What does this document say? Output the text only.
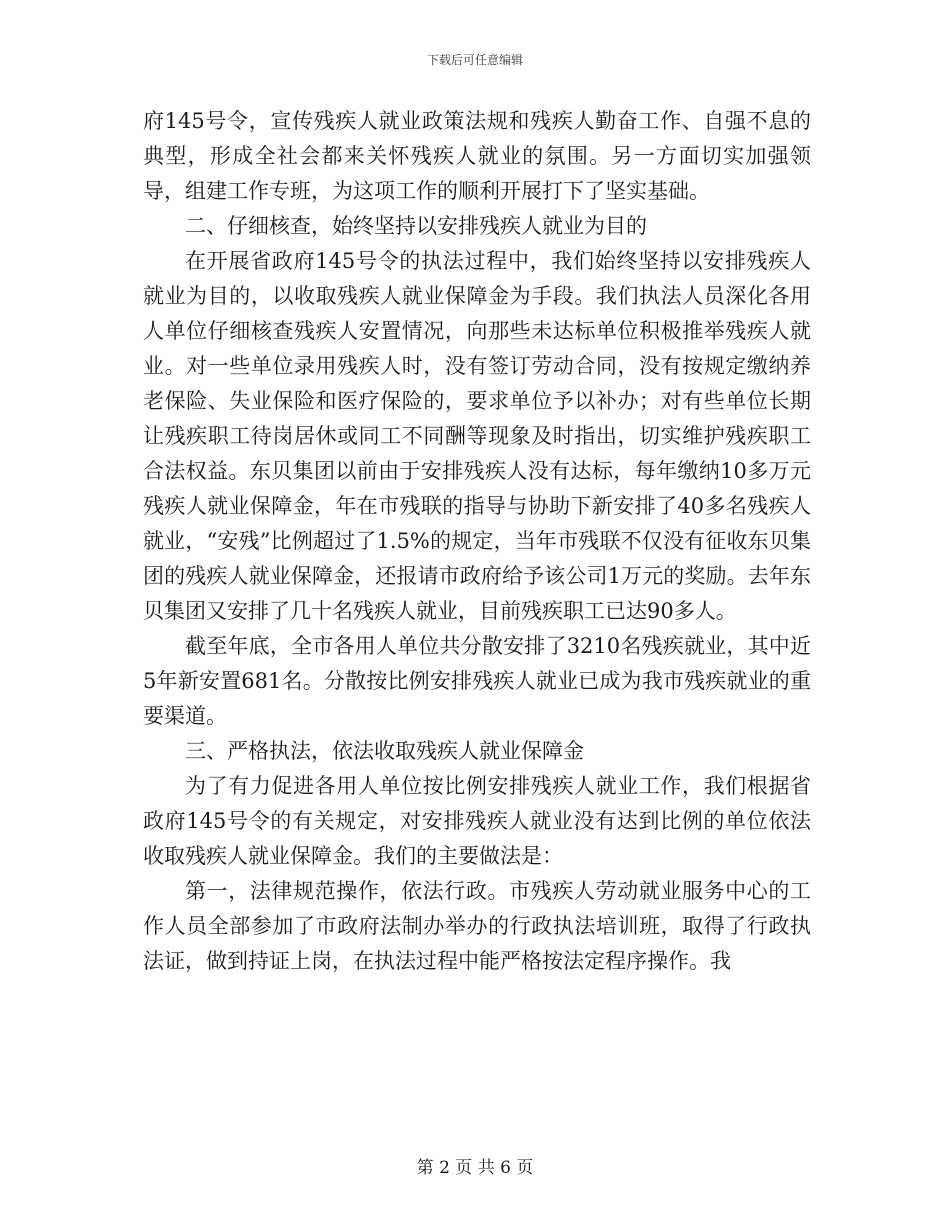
下载后可任意编辑

府145号令，宣传残疾人就业政策法规和残疾人勤奋工作、自强不息的典型，形成全社会都来关怀残疾人就业的氛围。另一方面切实加强领导，组建工作专班，为这项工作的顺利开展打下了坚实基础。

二、仔细核查，始终坚持以安排残疾人就业为目的

在开展省政府145号令的执法过程中，我们始终坚持以安排残疾人就业为目的，以收取残疾人就业保障金为手段。我们执法人员深化各用人单位仔细核查残疾人安置情况，向那些未达标单位积极推举残疾人就业。对一些单位录用残疾人时，没有签订劳动合同，没有按规定缴纳养老保险、失业保险和医疗保险的，要求单位予以补办；对有些单位长期让残疾职工待岗居休或同工不同酬等现象及时指出，切实维护残疾职工合法权益。东贝集团以前由于安排残疾人没有达标，每年缴纳10多万元残疾人就业保障金，年在市残联的指导与协助下新安排了40多名残疾人就业，“安残”比例超过了1.5%的规定，当年市残联不仅没有征收东贝集团的残疾人就业保障金，还报请市政府给予该公司1万元的奖励。去年东贝集团又安排了几十名残疾人就业，目前残疾职工已达90多人。

截至年底，全市各用人单位共分散安排了3210名残疾就业，其中近5年新安置681名。分散按比例安排残疾人就业已成为我市残疾就业的重要渠道。

三、严格执法，依法收取残疾人就业保障金

为了有力促进各用人单位按比例安排残疾人就业工作，我们根据省政府145号令的有关规定，对安排残疾人就业没有达到比例的单位依法收取残疾人就业保障金。我们的主要做法是：

第一，法律规范操作，依法行政。市残疾人劳动就业服务中心的工作人员全部参加了市政府法制办举办的行政执法培训班，取得了行政执法证，做到持证上岗，在执法过程中能严格按法定程序操作。我

第 2 页 共 6 页
